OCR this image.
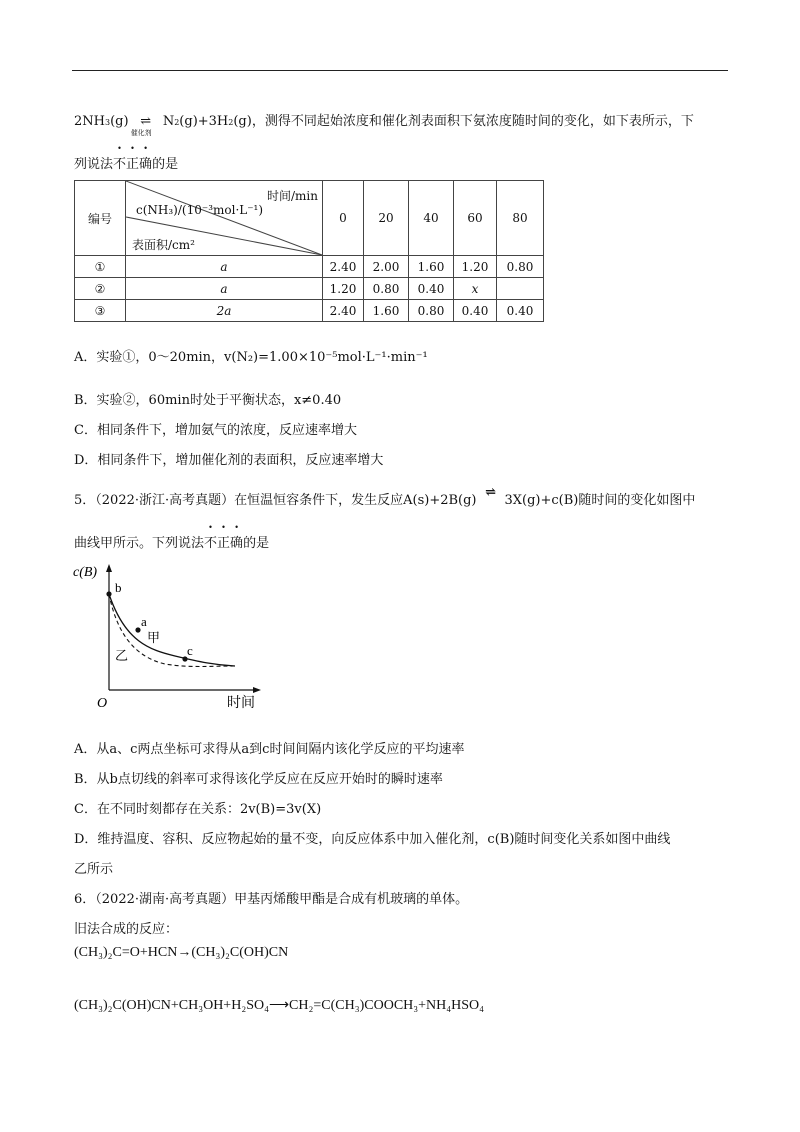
2NH3(g) ⇌
催化剂
N2(g)+3H2(g)，测得不同起始浓度和催化剂表面积下氨浓度随时间的变化，如下表所示，下
列说法不正确的是
编号	时间/min
c(NH₃)/(10⁻³mol·L⁻¹)
表面积/cm²	0	20	40	60	80
①	a	2.40	2.00	1.60	1.20	0.80
②	a	1.20	0.80	0.40	x	
③	2a	2.40	1.60	0.80	0.40	0.40
A．实验①，0～20min，v(N₂)=1.00×10⁻⁵mol·L⁻¹·min⁻¹
B．实验②，60min时处于平衡状态，x≠0.40
C．相同条件下，增加氨气的浓度，反应速率增大
D．相同条件下，增加催化剂的表面积，反应速率增大
5．（2022·浙江·高考真题）在恒温恒容条件下，发生反应A(s)+2B(g)⇌3X(g)+c(B)随时间的变化如图中
曲线甲所示。下列说法不正确的是
c(B)
b
a
c
甲
乙
O	时间
A．从a、c两点坐标可求得从a到c时间间隔内该化学反应的平均速率
B．从b点切线的斜率可求得该化学反应在反应开始时的瞬时速率
C．在不同时刻都存在关系：2v(B)=3v(X)
D．维持温度、容积、反应物起始的量不变，向反应体系中加入催化剂，c(B)随时间变化关系如图中曲线
乙所示
6．（2022·湖南·高考真题）甲基丙烯酸甲酯是合成有机玻璃的单体。
旧法合成的反应：
(CH₃)₂C=O+HCN→(CH₃)₂C(OH)CN
(CH₃)₂C(OH)CN+CH₃OH+H₂SO₄⟶CH₂=C(CH₃)COOCH₃+NH₄HSO₄
